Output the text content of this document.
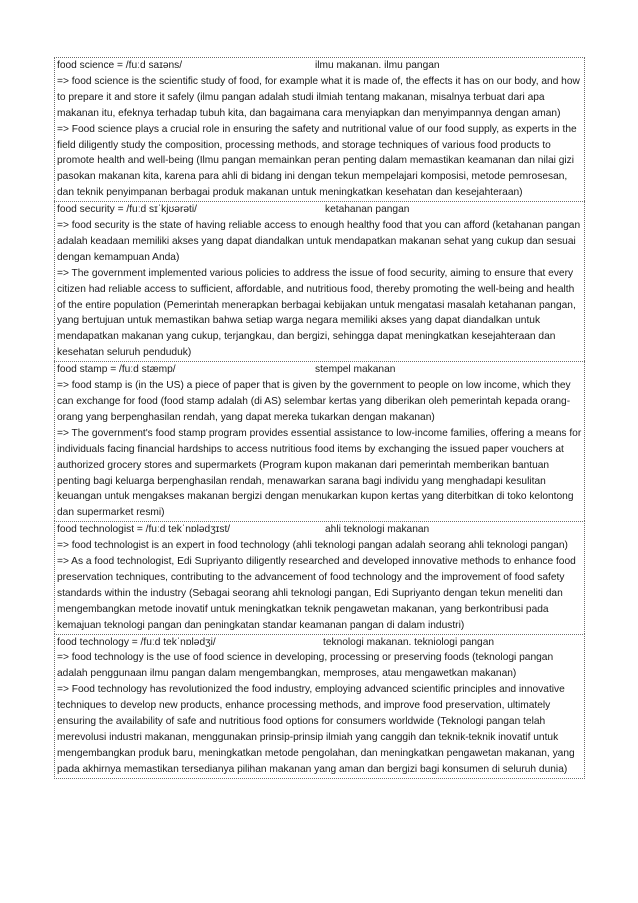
food science = /fuːd saɪəns/	ilmu makanan. ilmu pangan

=> food science is the scientific study of food, for example what it is made of, the effects it has on our body, and how to prepare it and store it safely (ilmu pangan adalah studi ilmiah tentang makanan, misalnya terbuat dari apa makanan itu, efeknya terhadap tubuh kita, dan bagaimana cara menyiapkan dan menyimpannya dengan aman)

=> Food science plays a crucial role in ensuring the safety and nutritional value of our food supply, as experts in the field diligently study the composition, processing methods, and storage techniques of various food products to promote health and well-being (Ilmu pangan memainkan peran penting dalam memastikan keamanan dan nilai gizi pasokan makanan kita, karena para ahli di bidang ini dengan tekun mempelajari komposisi, metode pemrosesan, dan teknik penyimpanan berbagai produk makanan untuk meningkatkan kesehatan dan kesejahteraan)

food security = /fuːd sɪˈkjʊərəti/	ketahanan pangan

=> food security is the state of having reliable access to enough healthy food that you can afford (ketahanan pangan adalah keadaan memiliki akses yang dapat diandalkan untuk mendapatkan makanan sehat yang cukup dan sesuai dengan kemampuan Anda)

=> The government implemented various policies to address the issue of food security, aiming to ensure that every citizen had reliable access to sufficient, affordable, and nutritious food, thereby promoting the well-being and health of the entire population (Pemerintah menerapkan berbagai kebijakan untuk mengatasi masalah ketahanan pangan, yang bertujuan untuk memastikan bahwa setiap warga negara memiliki akses yang dapat diandalkan untuk mendapatkan makanan yang cukup, terjangkau, dan bergizi, sehingga dapat meningkatkan kesejahteraan dan kesehatan seluruh penduduk)

food stamp = /fuːd stæmp/	stempel makanan

=> food stamp is (in the US) a piece of paper that is given by the government to people on low income, which they can exchange for food (food stamp adalah (di AS) selembar kertas yang diberikan oleh pemerintah kepada orang-orang yang berpenghasilan rendah, yang dapat mereka tukarkan dengan makanan)

=> The government's food stamp program provides essential assistance to low-income families, offering a means for individuals facing financial hardships to access nutritious food items by exchanging the issued paper vouchers at authorized grocery stores and supermarkets (Program kupon makanan dari pemerintah memberikan bantuan penting bagi keluarga berpenghasilan rendah, menawarkan sarana bagi individu yang menghadapi kesulitan keuangan untuk mengakses makanan bergizi dengan menukarkan kupon kertas yang diterbitkan di toko kelontong dan supermarket resmi)

food technologist = /fuːd tekˈnɒlədʒɪst/	ahli teknologi makanan

=> food technologist is an expert in food technology (ahli teknologi pangan adalah seorang ahli teknologi pangan)

=> As a food technologist, Edi Supriyanto diligently researched and developed innovative methods to enhance food preservation techniques, contributing to the advancement of food technology and the improvement of food safety standards within the industry (Sebagai seorang ahli teknologi pangan, Edi Supriyanto dengan tekun meneliti dan mengembangkan metode inovatif untuk meningkatkan teknik pengawetan makanan, yang berkontribusi pada kemajuan teknologi pangan dan peningkatan standar keamanan pangan di dalam industri)

food technology = /fuːd tekˈnɒlədʒi/	teknologi makanan. tekniologi pangan

=> food technology is the use of food science in developing, processing or preserving foods (teknologi pangan adalah penggunaan ilmu pangan dalam mengembangkan, memproses, atau mengawetkan makanan)

=> Food technology has revolutionized the food industry, employing advanced scientific principles and innovative techniques to develop new products, enhance processing methods, and improve food preservation, ultimately ensuring the availability of safe and nutritious food options for consumers worldwide (Teknologi pangan telah merevolusi industri makanan, menggunakan prinsip-prinsip ilmiah yang canggih dan teknik-teknik inovatif untuk mengembangkan produk baru, meningkatkan metode pengolahan, dan meningkatkan pengawetan makanan, yang pada akhirnya memastikan tersedianya pilihan makanan yang aman dan bergizi bagi konsumen di seluruh dunia)
